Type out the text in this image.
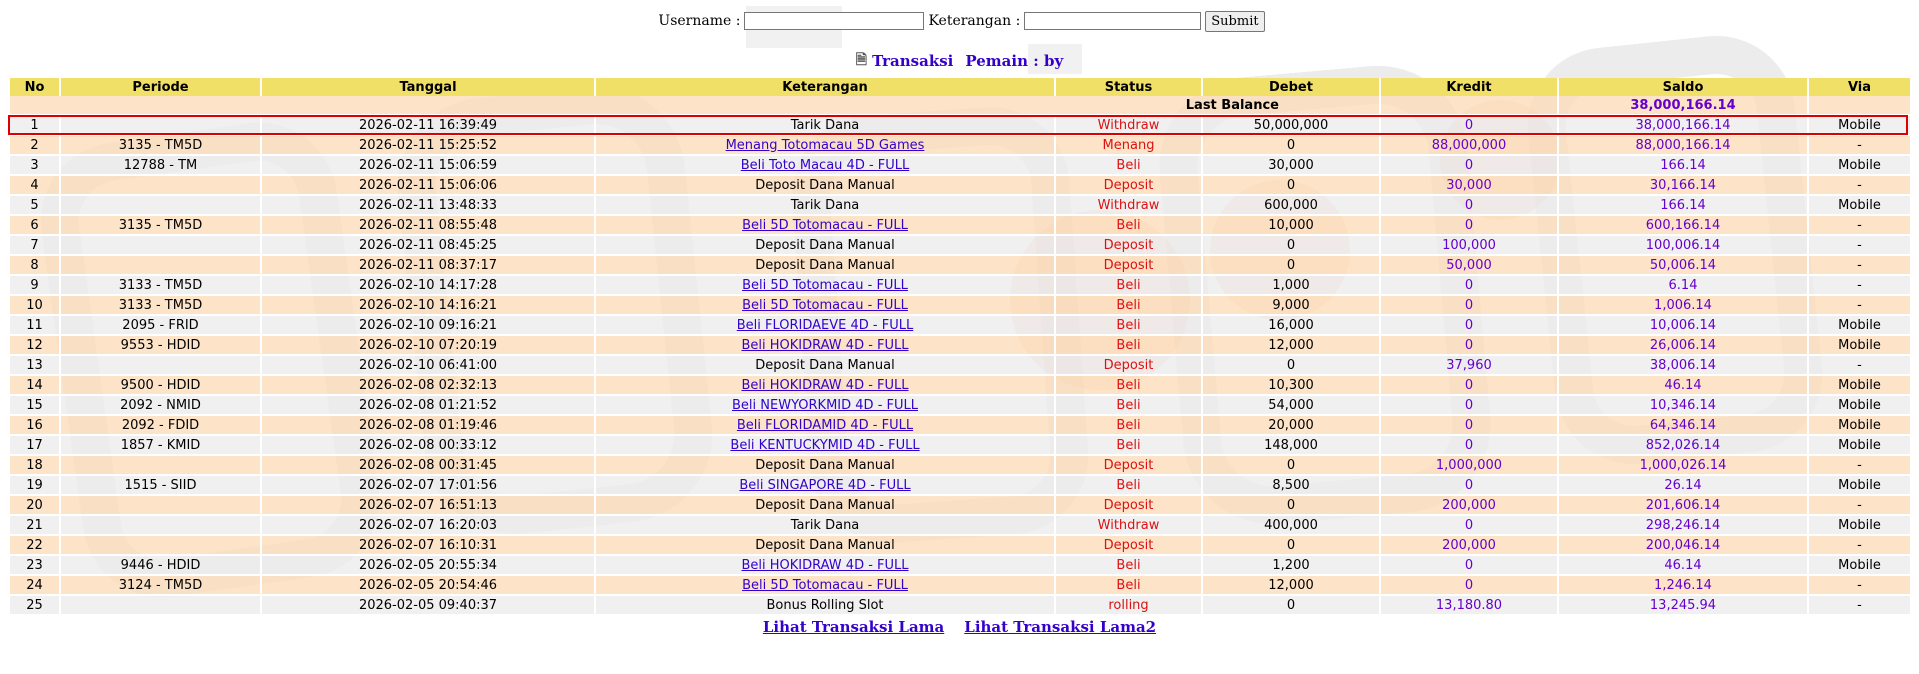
Username :	Keterangan :	Submit
🗎 Transaksi Pemain : by
No	Periode	Tanggal	Keterangan	Status	Debet	Kredit	Saldo	Via
Last Balance							38,000,166.14	
1		2026-02-11 16:39:49	Tarik Dana	Withdraw	50,000,000	0	38,000,166.14	Mobile
2	3135 - TM5D	2026-02-11 15:25:52	Menang Totomacau 5D Games	Menang	0	88,000,000	88,000,166.14	-
3	12788 - TM	2026-02-11 15:06:59	Beli Toto Macau 4D - FULL	Beli	30,000	0	166.14	Mobile
4		2026-02-11 15:06:06	Deposit Dana Manual	Deposit	0	30,000	30,166.14	-
5		2026-02-11 13:48:33	Tarik Dana	Withdraw	600,000	0	166.14	Mobile
6	3135 - TM5D	2026-02-11 08:55:48	Beli 5D Totomacau - FULL	Beli	10,000	0	600,166.14	-
7		2026-02-11 08:45:25	Deposit Dana Manual	Deposit	0	100,000	100,006.14	-
8		2026-02-11 08:37:17	Deposit Dana Manual	Deposit	0	50,000	50,006.14	-
9	3133 - TM5D	2026-02-10 14:17:28	Beli 5D Totomacau - FULL	Beli	1,000	0	6.14	-
10	3133 - TM5D	2026-02-10 14:16:21	Beli 5D Totomacau - FULL	Beli	9,000	0	1,006.14	-
11	2095 - FRID	2026-02-10 09:16:21	Beli FLORIDAEVE 4D - FULL	Beli	16,000	0	10,006.14	Mobile
12	9553 - HDID	2026-02-10 07:20:19	Beli HOKIDRAW 4D - FULL	Beli	12,000	0	26,006.14	Mobile
13		2026-02-10 06:41:00	Deposit Dana Manual	Deposit	0	37,960	38,006.14	-
14	9500 - HDID	2026-02-08 02:32:13	Beli HOKIDRAW 4D - FULL	Beli	10,300	0	46.14	Mobile
15	2092 - NMID	2026-02-08 01:21:52	Beli NEWYORKMID 4D - FULL	Beli	54,000	0	10,346.14	Mobile
16	2092 - FDID	2026-02-08 01:19:46	Beli FLORIDAMID 4D - FULL	Beli	20,000	0	64,346.14	Mobile
17	1857 - KMID	2026-02-08 00:33:12	Beli KENTUCKYMID 4D - FULL	Beli	148,000	0	852,026.14	Mobile
18		2026-02-08 00:31:45	Deposit Dana Manual	Deposit	0	1,000,000	1,000,026.14	-
19	1515 - SIID	2026-02-07 17:01:56	Beli SINGAPORE 4D - FULL	Beli	8,500	0	26.14	Mobile
20		2026-02-07 16:51:13	Deposit Dana Manual	Deposit	0	200,000	201,606.14	-
21		2026-02-07 16:20:03	Tarik Dana	Withdraw	400,000	0	298,246.14	Mobile
22		2026-02-07 16:10:31	Deposit Dana Manual	Deposit	0	200,000	200,046.14	-
23	9446 - HDID	2026-02-05 20:55:34	Beli HOKIDRAW 4D - FULL	Beli	1,200	0	46.14	Mobile
24	3124 - TM5D	2026-02-05 20:54:46	Beli 5D Totomacau - FULL	Beli	12,000	0	1,246.14	-
25		2026-02-05 09:40:37	Bonus Rolling Slot	rolling	0	13,180.80	13,245.94	-
Lihat Transaksi Lama Lihat Transaksi Lama2
